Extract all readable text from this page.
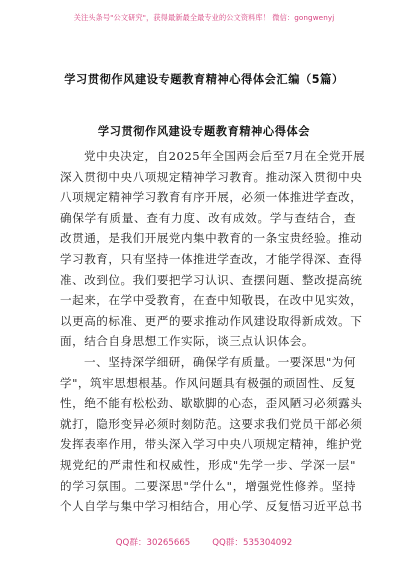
关注头条号"公文研究"，获得最新最全最专业的公文资料库！ 微信：gongwenyj
学习贯彻作风建设专题教育精神心得体会汇编（5篇）
学习贯彻作风建设专题教育精神心得体会
党中央决定，自2025年全国两会后至7月在全党开展
深入贯彻中央八项规定精神学习教育。推动深入贯彻中央
八项规定精神学习教育有序开展，必须一体推进学查改，
确保学有质量、查有力度、改有成效。学与查结合，查
改贯通，是我们开展党内集中教育的一条宝贵经验。推动
学习教育，只有坚持一体推进学查改，才能学得深、查得
准、改到位。我们要把学习认识、查摆问题、整改提高统
一起来，在学中受教育，在查中知敬畏，在改中见实效，
以更高的标准、更严的要求推动作风建设取得新成效。下
面，结合自身思想工作实际，谈三点认识体会。
一、坚持深学细研，确保学有质量。一要深思"为何
学"，筑牢思想根基。作风问题具有极强的顽固性、反复
性，绝不能有松松劲、歇歇脚的心态，歪风陋习必须露头
就打，隐形变异必须时刻防范。这要求我们党员干部必须
发挥表率作用，带头深入学习中央八项规定精神，维护党
规党纪的严肃性和权威性，形成"先学一步、学深一层"
的学习氛围。二要深思"学什么"，增强党性修养。坚持
个人自学与集中学习相结合，用心学、反复悟习近平总书
QQ群：30265665	QQ群：535304092
